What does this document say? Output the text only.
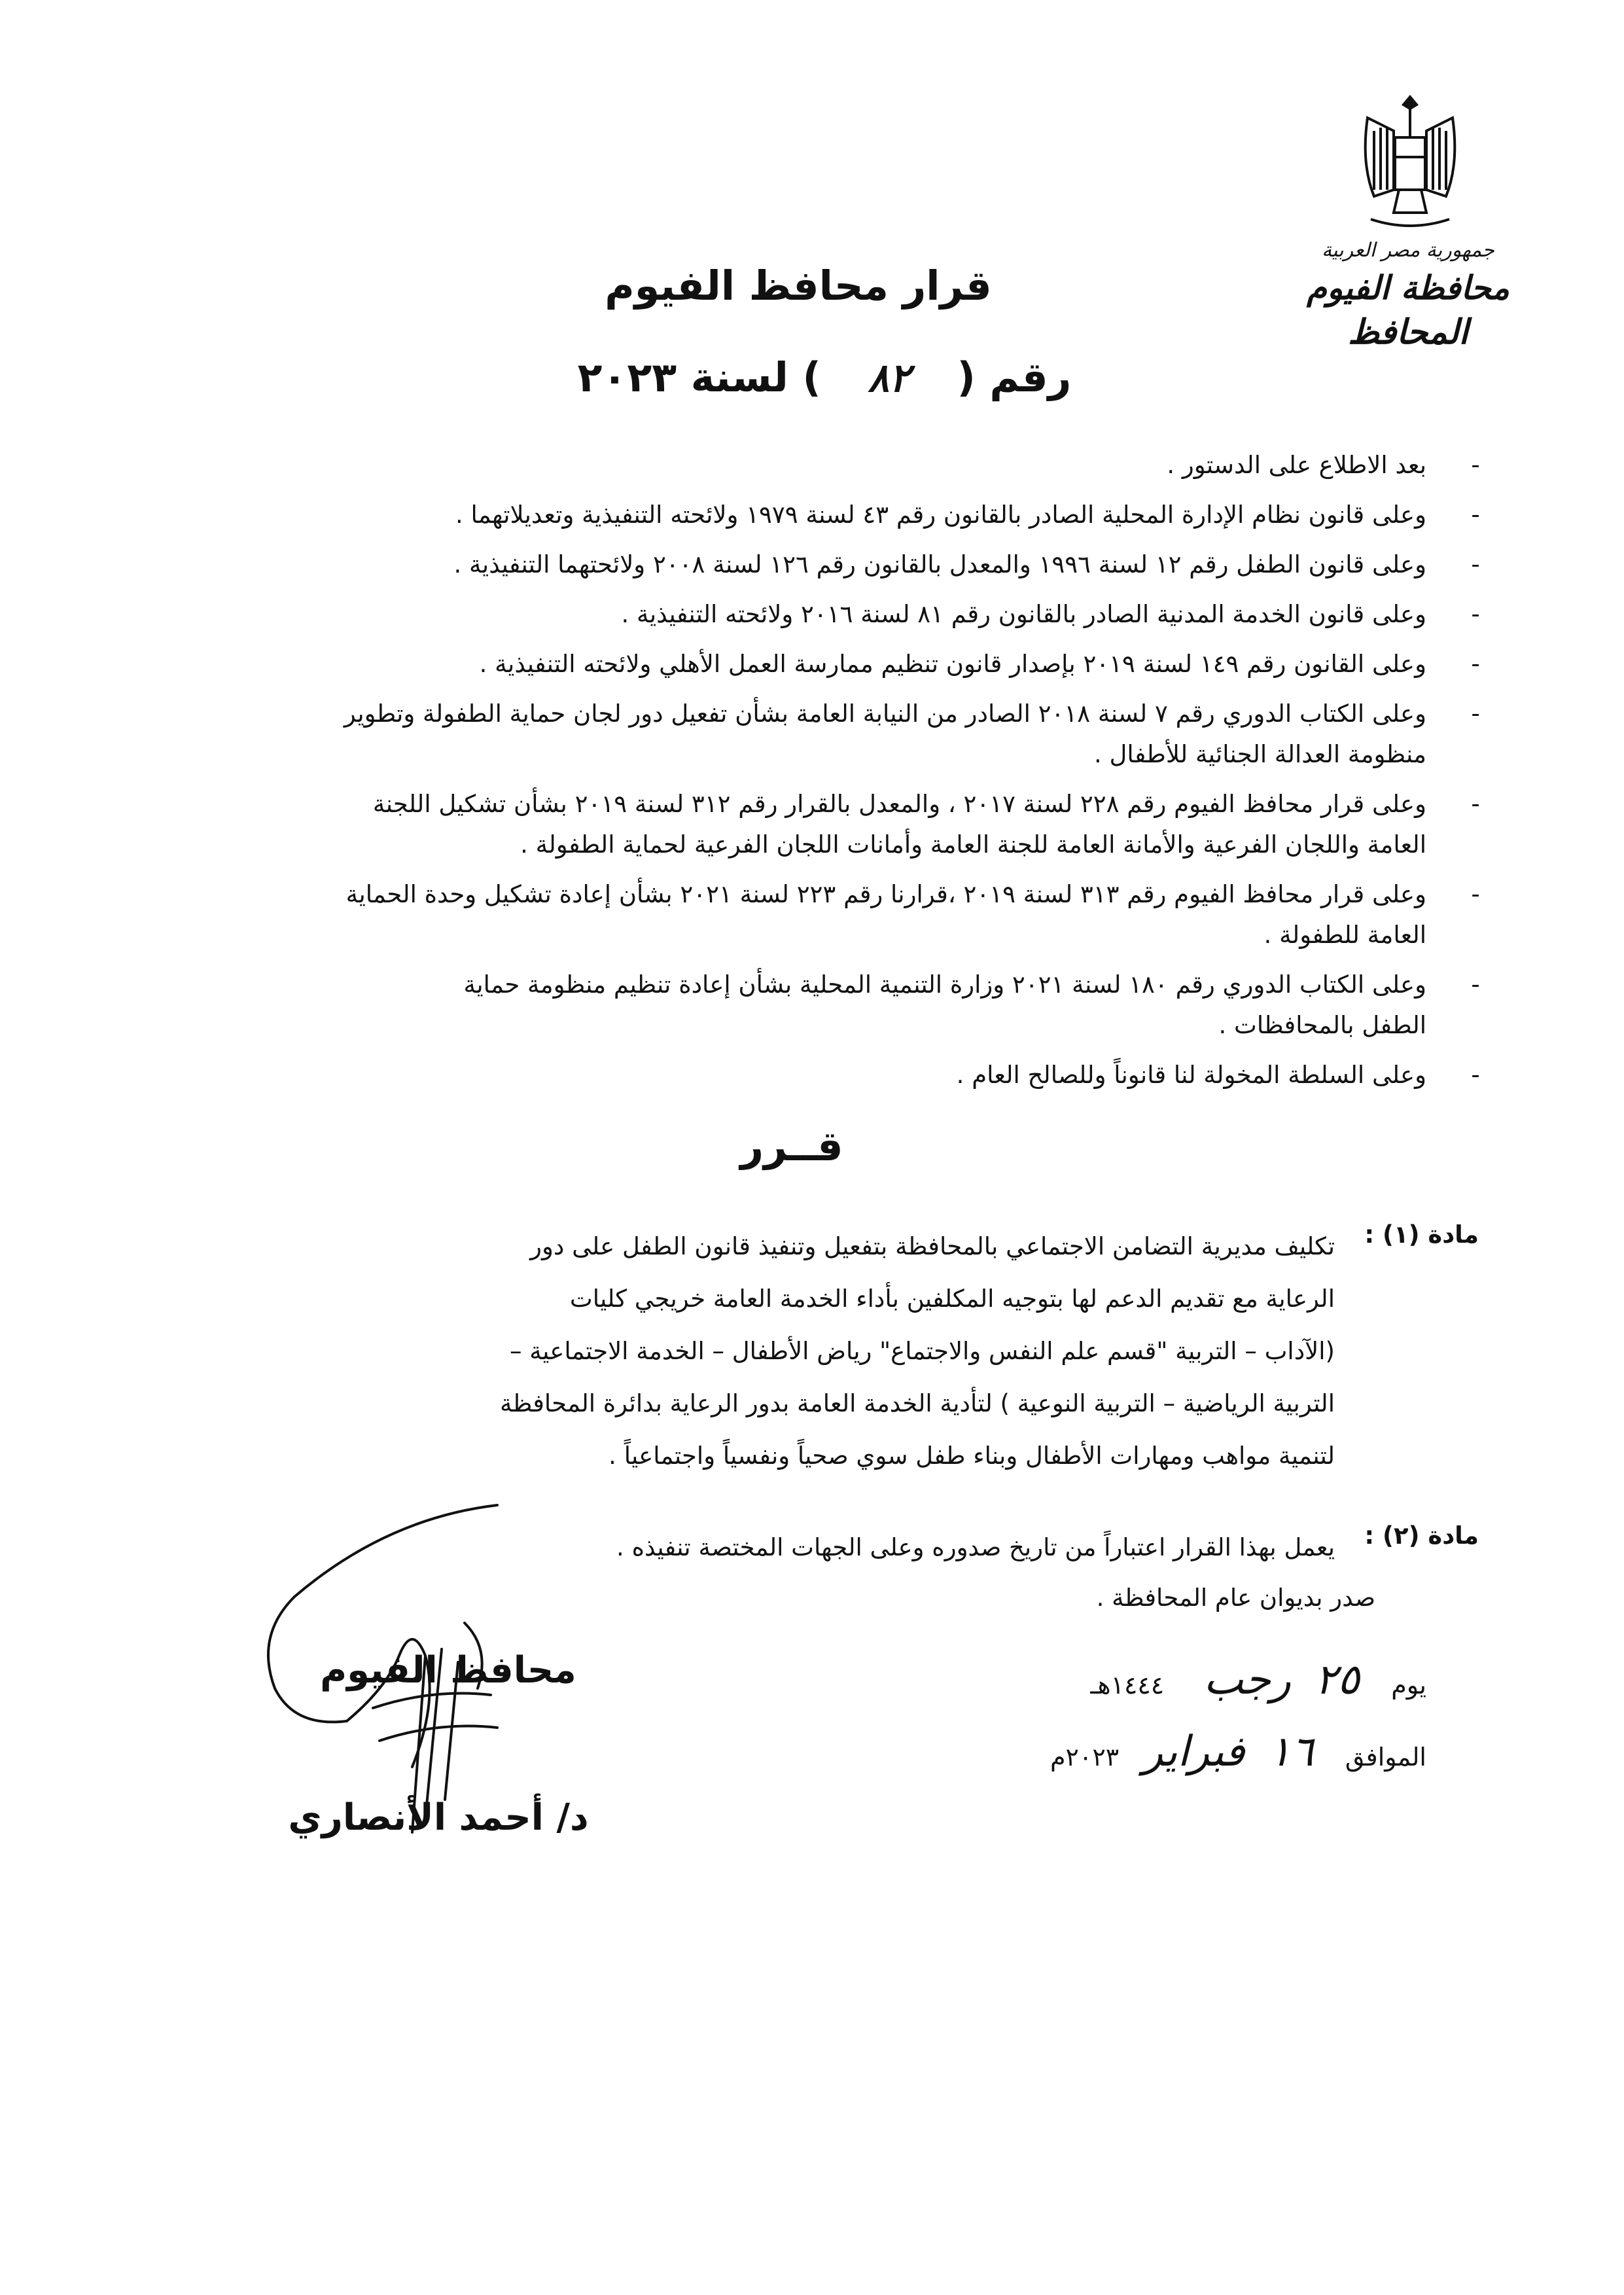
جمهورية مصر العربية
محافظة الفيوم
المحافظ
قرار محافظ الفيوم
رقم ( ٨٢ ) لسنة ٢٠٢٣
-
بعد الاطلاع على الدستور .
-
وعلى قانون نظام الإدارة المحلية الصادر بالقانون رقم ٤٣ لسنة ١٩٧٩ ولائحته التنفيذية وتعديلاتهما .
-
وعلى قانون الطفل رقم ١٢ لسنة ١٩٩٦ والمعدل بالقانون رقم ١٢٦ لسنة ٢٠٠٨ ولائحتهما التنفيذية .
-
وعلى قانون الخدمة المدنية الصادر بالقانون رقم ٨١ لسنة ٢٠١٦ ولائحته التنفيذية .
-
وعلى القانون رقم ١٤٩ لسنة ٢٠١٩ بإصدار قانون تنظيم ممارسة العمل الأهلي ولائحته التنفيذية .
-
وعلى الكتاب الدوري رقم ٧ لسنة ٢٠١٨ الصادر من النيابة العامة بشأن تفعيل دور لجان حماية الطفولة وتطوير
منظومة العدالة الجنائية للأطفال .
-
وعلى قرار محافظ الفيوم رقم ٢٢٨ لسنة ٢٠١٧ ، والمعدل بالقرار رقم ٣١٢ لسنة ٢٠١٩ بشأن تشكيل اللجنة
العامة واللجان الفرعية والأمانة العامة للجنة العامة وأمانات اللجان الفرعية لحماية الطفولة .
-
وعلى قرار محافظ الفيوم رقم ٣١٣ لسنة ٢٠١٩ ،قرارنا رقم ٢٢٣ لسنة ٢٠٢١ بشأن إعادة تشكيل وحدة الحماية
العامة للطفولة .
-
وعلى الكتاب الدوري رقم ١٨٠ لسنة ٢٠٢١ وزارة التنمية المحلية بشأن إعادة تنظيم منظومة حماية
الطفل بالمحافظات .
-
وعلى السلطة المخولة لنا قانوناً وللصالح العام .
قــرر
مادة (١) :
تكليف مديرية التضامن الاجتماعي بالمحافظة بتفعيل وتنفيذ قانون الطفل على دور
الرعاية مع تقديم الدعم لها بتوجيه المكلفين بأداء الخدمة العامة خريجي كليات
(الآداب – التربية "قسم علم النفس والاجتماع" رياض الأطفال – الخدمة الاجتماعية –
التربية الرياضية – التربية النوعية ) لتأدية الخدمة العامة بدور الرعاية بدائرة المحافظة
لتنمية مواهب ومهارات الأطفال وبناء طفل سوي صحياً ونفسياً واجتماعياً .
مادة (٢) :
يعمل بهذا القرار اعتباراً من تاريخ صدوره وعلى الجهات المختصة تنفيذه .
صدر بديوان عام المحافظة .
يوم    ٢٥   رجب     ١٤٤٤هـ
الموافق    ١٦   فبراير   ٢٠٢٣م
محافظ الفيوم
د/ أحمد الأنصاري
